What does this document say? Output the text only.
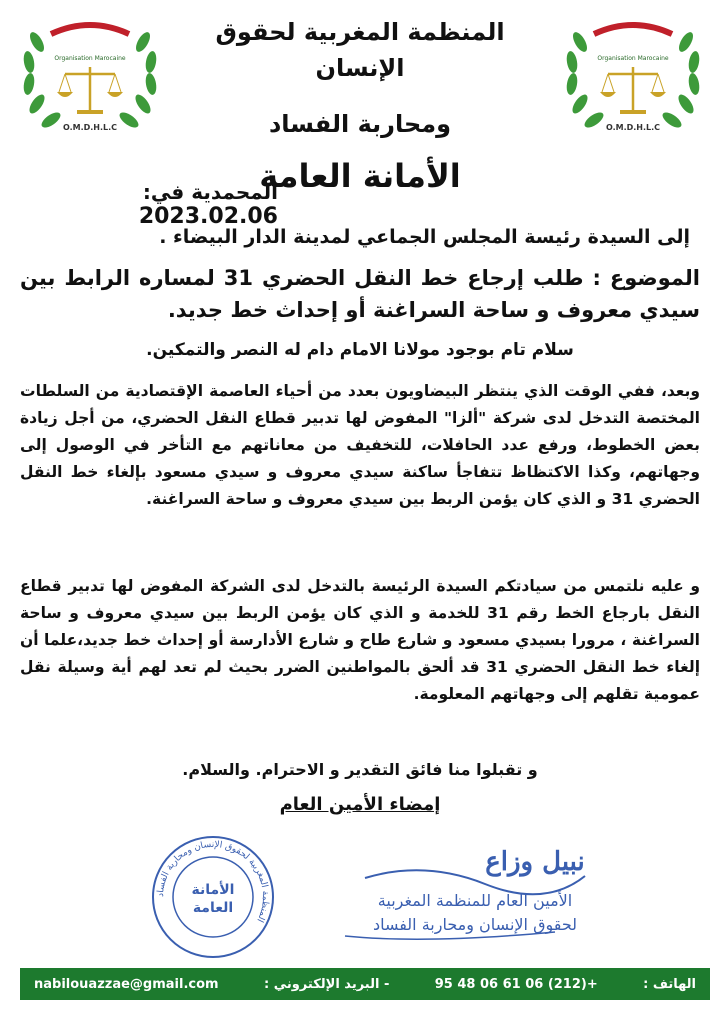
Organisation Marocaine
O.M.D.H.L.C
Organisation Marocaine
O.M.D.H.L.C
المنظمة المغربية لحقوق الإنسان
ومحاربة الفساد
الأمانة العامة
المحمدية في: 2023.02.06
إلى السيدة رئيسة المجلس الجماعي لمدينة الدار البيضاء .
الموضوع : طلب إرجاع خط النقل الحضري 31 لمساره الرابط بين سيدي معروف و ساحة السراغنة أو إحداث خط جديد.
سلام تام بوجود مولانا الامام دام له النصر والتمكين.
وبعد، ففي الوقت الذي ينتظر البيضاويون بعدد من أحياء العاصمة الإقتصادية من السلطات المختصة التدخل لدى شركة "ألزا" المفوض لها تدبير قطاع النقل الحضري، من أجل زيادة بعض الخطوط، ورفع عدد الحافلات، للتخفيف من معاناتهم مع التأخر في الوصول إلى وجهاتهم، وكذا الاكتظاظ تتفاجأ ساكنة سيدي معروف و سيدي مسعود بإلغاء خط النقل الحضري 31 و الذي كان يؤمن الربط بين سيدي معروف و ساحة السراغنة.
و عليه نلتمس من سيادتكم السيدة الرئيسة بالتدخل لدى الشركة المفوض لها تدبير قطاع النقل بارجاع الخط رقم 31 للخدمة و الذي كان يؤمن الربط بين سيدي معروف و ساحة السراغنة ، مرورا بسيدي مسعود و شارع طاح و شارع الأدارسة أو إحداث خط جديد،علما أن إلغاء خط النقل الحضري 31 قد ألحق بالمواطنين الضرر بحيث لم تعد لهم أية وسيلة نقل عمومية تقلهم إلى وجهاتهم المعلومة.
و تقبلوا منا فائق التقدير و الاحترام. والسلام.
إمضاء الأمين العام
المنظمة المغربية لحقوق الإنسان ومحاربة الفساد
الأمانة
العامة
نبيل وزاع
الأمين العام للمنظمة المغربية
لحقوق الإنسان ومحاربة الفساد
nabilouazzae@gmail.com	- البريد الإلكتروني :	95 48 06 61 06 (212)+	الهاتف :
